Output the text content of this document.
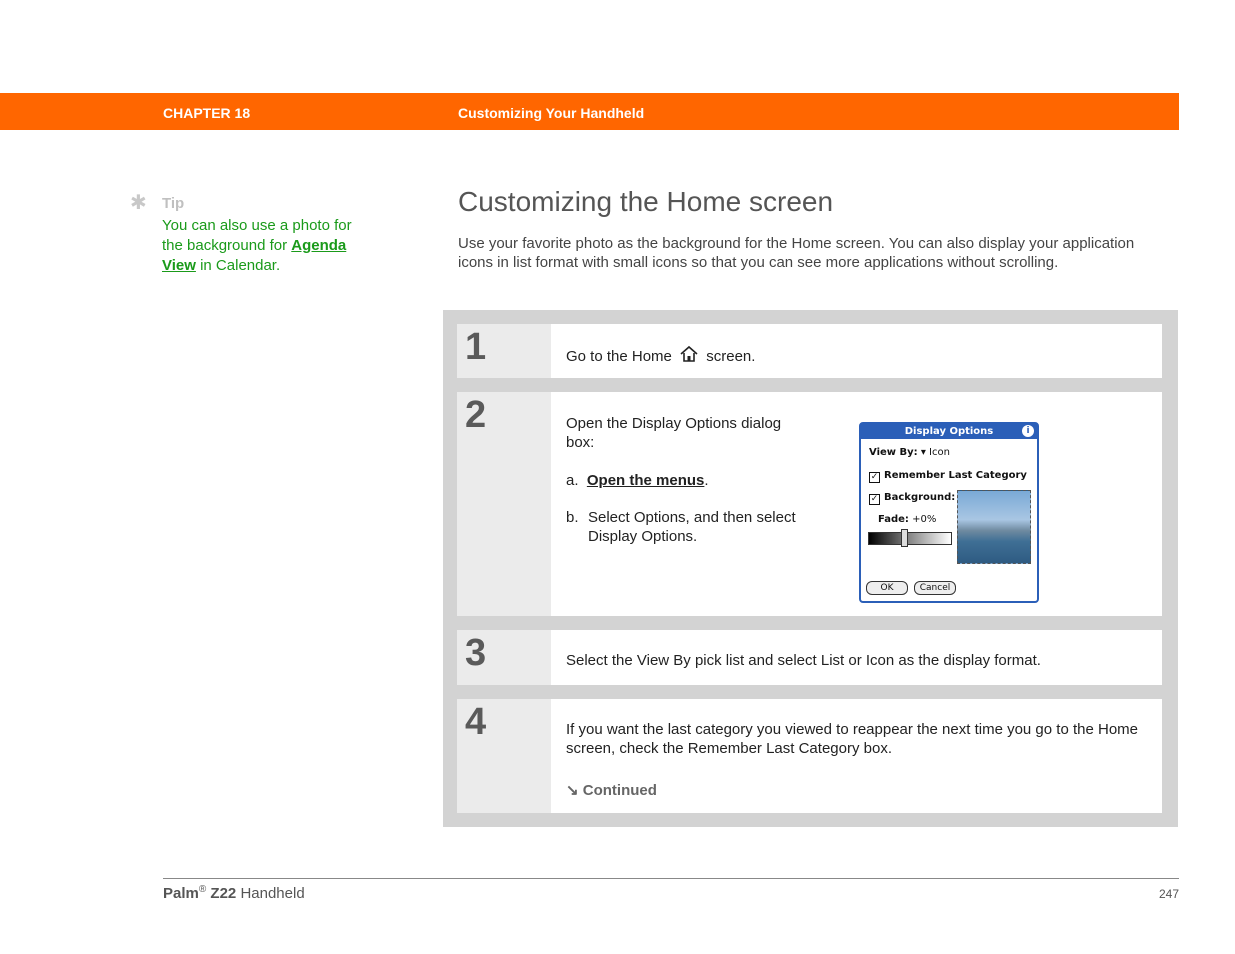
CHAPTER 18	Customizing Your Handheld
✱ Tip
You can also use a photo for the background for Agenda View in Calendar.
Customizing the Home screen

Use your favorite photo as the background for the Home screen. You can also display your application icons in list format with small icons so that you can see more applications without scrolling.

1	Go to the Home screen.
2	Open the Display Options dialog box:
a. Open the menus.
b. Select Options, and then select Display Options.
Display Options	i
View By: ▾ Icon
✓ Remember Last Category
✓ Background:
Fade: +0%
OK	Cancel
3	Select the View By pick list and select List or Icon as the display format.
4	If you want the last category you viewed to reappear the next time you go to the Home screen, check the Remember Last Category box.
↘ Continued
Palm® Z22 Handheld	247
